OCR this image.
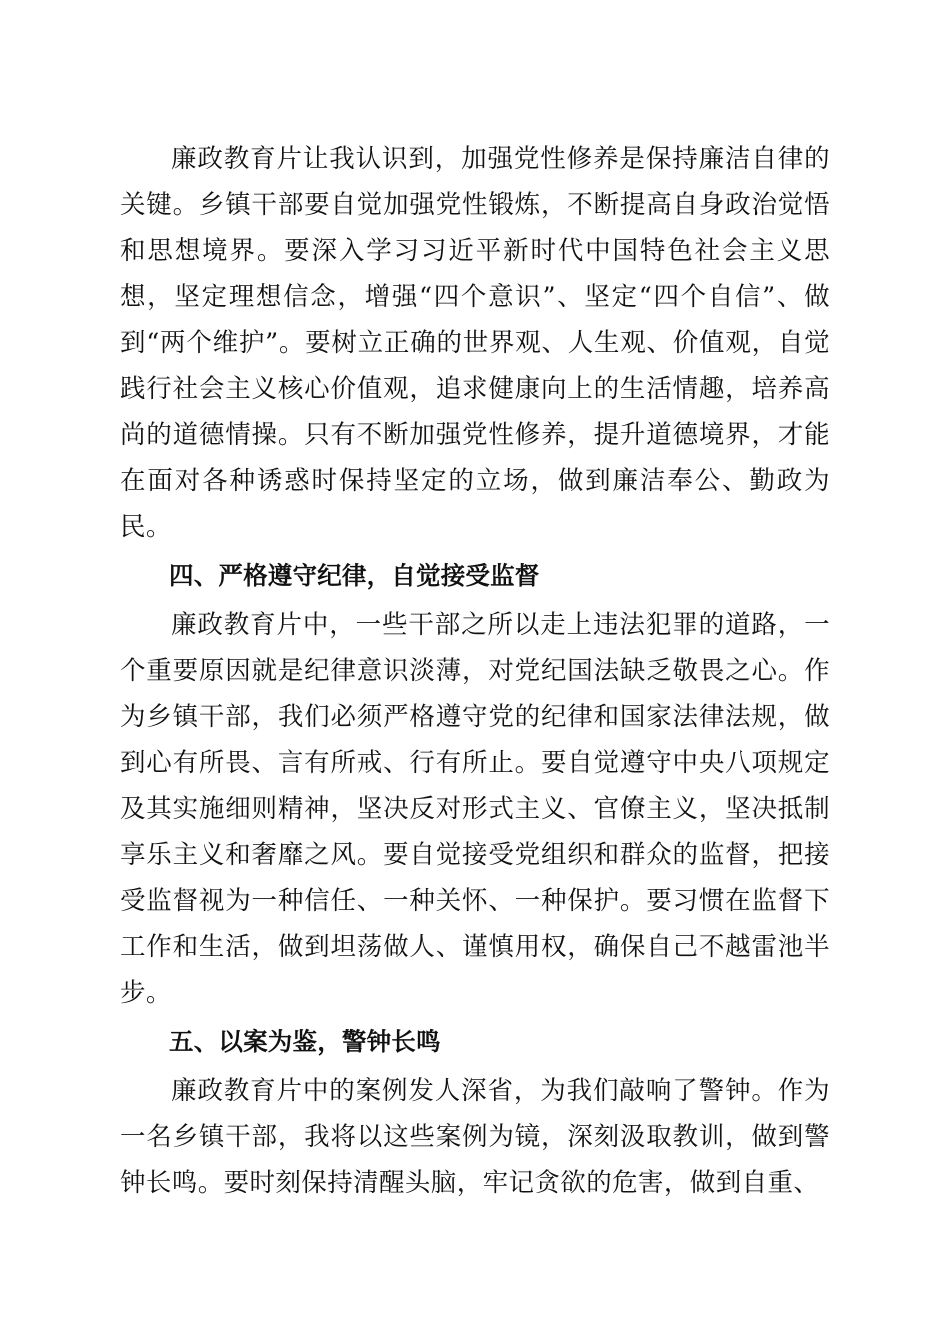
廉政教育片让我认识到，加强党性修养是保持廉洁自律的关键。乡镇干部要自觉加强党性锻炼，不断提高自身政治觉悟和思想境界。要深入学习习近平新时代中国特色社会主义思想，坚定理想信念，增强“四个意识”、坚定“四个自信”、做到“两个维护”。要树立正确的世界观、人生观、价值观，自觉践行社会主义核心价值观，追求健康向上的生活情趣，培养高尚的道德情操。只有不断加强党性修养，提升道德境界，才能在面对各种诱惑时保持坚定的立场，做到廉洁奉公、勤政为民。

四、严格遵守纪律，自觉接受监督

廉政教育片中，一些干部之所以走上违法犯罪的道路，一个重要原因就是纪律意识淡薄，对党纪国法缺乏敬畏之心。作为乡镇干部，我们必须严格遵守党的纪律和国家法律法规，做到心有所畏、言有所戒、行有所止。要自觉遵守中央八项规定及其实施细则精神，坚决反对形式主义、官僚主义，坚决抵制享乐主义和奢靡之风。要自觉接受党组织和群众的监督，把接受监督视为一种信任、一种关怀、一种保护。要习惯在监督下工作和生活，做到坦荡做人、谨慎用权，确保自己不越雷池半步。

五、以案为鉴，警钟长鸣

廉政教育片中的案例发人深省，为我们敲响了警钟。作为一名乡镇干部，我将以这些案例为镜，深刻汲取教训，做到警钟长鸣。要时刻保持清醒头脑，牢记贪欲的危害，做到自重、
